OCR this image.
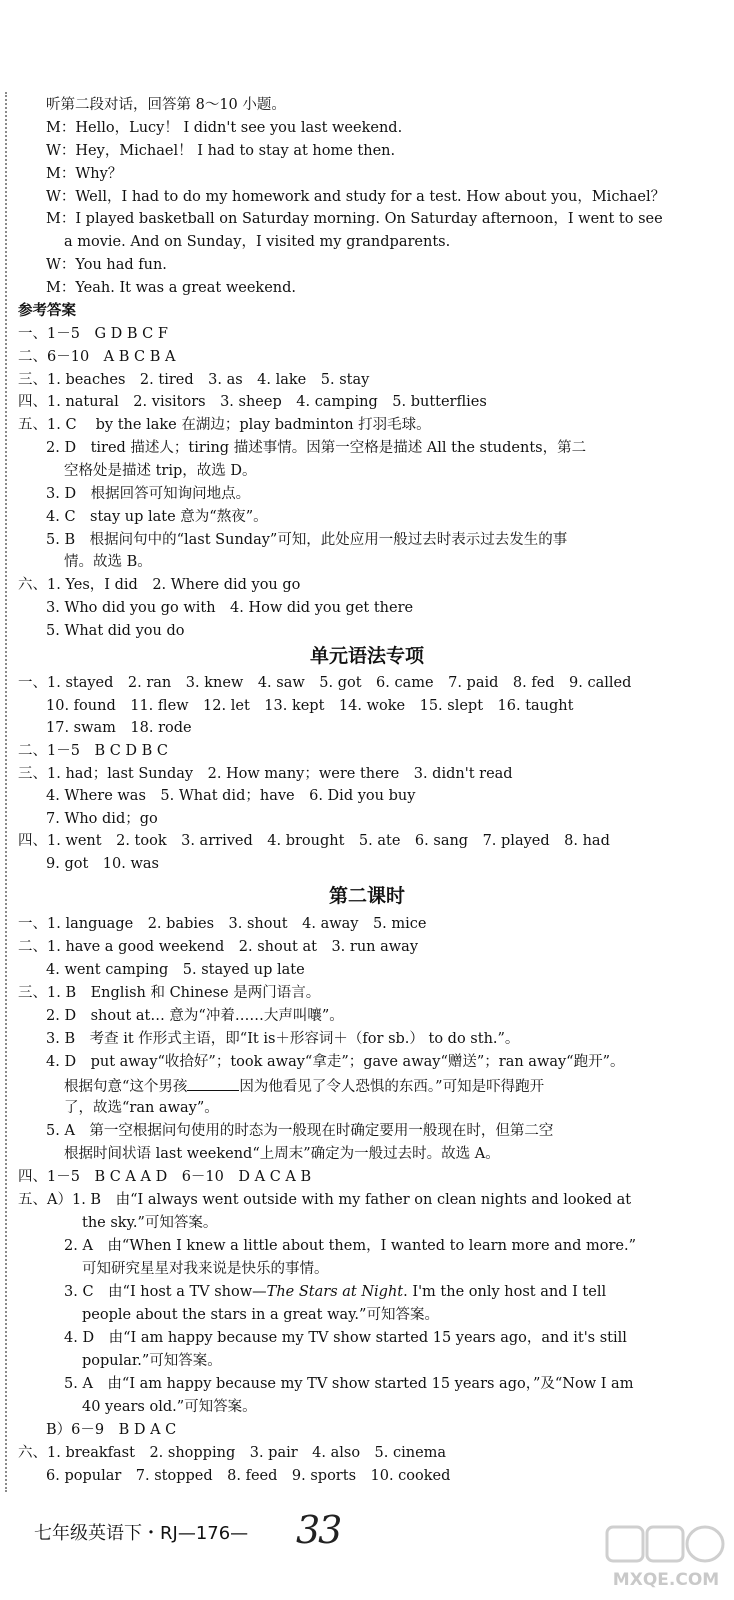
听第二段对话，回答第 8～10 小题。
M：Hello，Lucy！ I didn't see you last weekend.
W：Hey，Michael！ I had to stay at home then.
M：Why？
W：Well，I had to do my homework and study for a test. How about you，Michael？
M：I played basketball on Saturday morning. On Saturday afternoon，I went to see
a movie. And on Sunday，I visited my grandparents.
W：You had fun.
M：Yeah. It was a great weekend.
参考答案
一、1－5　G D B C F
二、6－10　A B C B A
三、1. beaches　2. tired　3. as　4. lake　5. stay
四、1. natural　2. visitors　3. sheep　4. camping　5. butterflies
五、1. C　 by the lake 在湖边；play badminton 打羽毛球。
2. D　tired 描述人；tiring 描述事情。因第一空格是描述 All the students，第二
空格处是描述 trip，故选 D。
3. D　根据回答可知询问地点。
4. C　stay up late 意为“熬夜”。
5. B　根据问句中的“last Sunday”可知，此处应用一般过去时表示过去发生的事
情。故选 B。
六、1. Yes，I did　2. Where did you go
3. Who did you go with　4. How did you get there
5. What did you do
单元语法专项
一、1. stayed　2. ran　3. knew　4. saw　5. got　6. came　7. paid　8. fed　9. called
10. found　11. flew　12. let　13. kept　14. woke　15. slept　16. taught
17. swam　18. rode
二、1－5　B C D B C
三、1. had；last Sunday　2. How many；were there　3. didn't read
4. Where was　5. What did；have　6. Did you buy
7. Who did；go
四、1. went　2. took　3. arrived　4. brought　5. ate　6. sang　7. played　8. had
9. got　10. was
第二课时
一、1. language　2. babies　3. shout　4. away　5. mice
二、1. have a good weekend　2. shout at　3. run away
4. went camping　5. stayed up late
三、1. B　English 和 Chinese 是两门语言。
2. D　shout at… 意为“冲着……大声叫嚷”。
3. B　考查 it 作形式主语，即“It is＋形容词＋（for sb.） to do sth.”。
4. D　put away“收拾好”；took away“拿走”；gave away“赠送”；ran away“跑开”。
根据句意“这个男孩	因为他看见了令人恐惧的东西。”可知是吓得跑开
了，故选“ran away”。
5. A　第一空根据问句使用的时态为一般现在时确定要用一般现在时，但第二空
根据时间状语 last weekend“上周末”确定为一般过去时。故选 A。
四、1－5　B C A A D　6－10　D A C A B
五、A）1. B　由“I always went outside with my father on clean nights and looked at
the sky.”可知答案。
2. A　由“When I knew a little about them，I wanted to learn more and more.”
可知研究星星对我来说是快乐的事情。
3. C　由“I host a TV show—The Stars at Night. I'm the only host and I tell
people about the stars in a great way.”可知答案。
4. D　由“I am happy because my TV show started 15 years ago，and it's still
popular.”可知答案。
5. A　由“I am happy because my TV show started 15 years ago，”及“Now I am
40 years old.”可知答案。
B）6－9　B D A C
六、1. breakfast　2. shopping　3. pair　4. also　5. cinema
6. popular　7. stopped　8. feed　9. sports　10. cooked
七年级英语下・RJ—176— 33
MXQE.COM
